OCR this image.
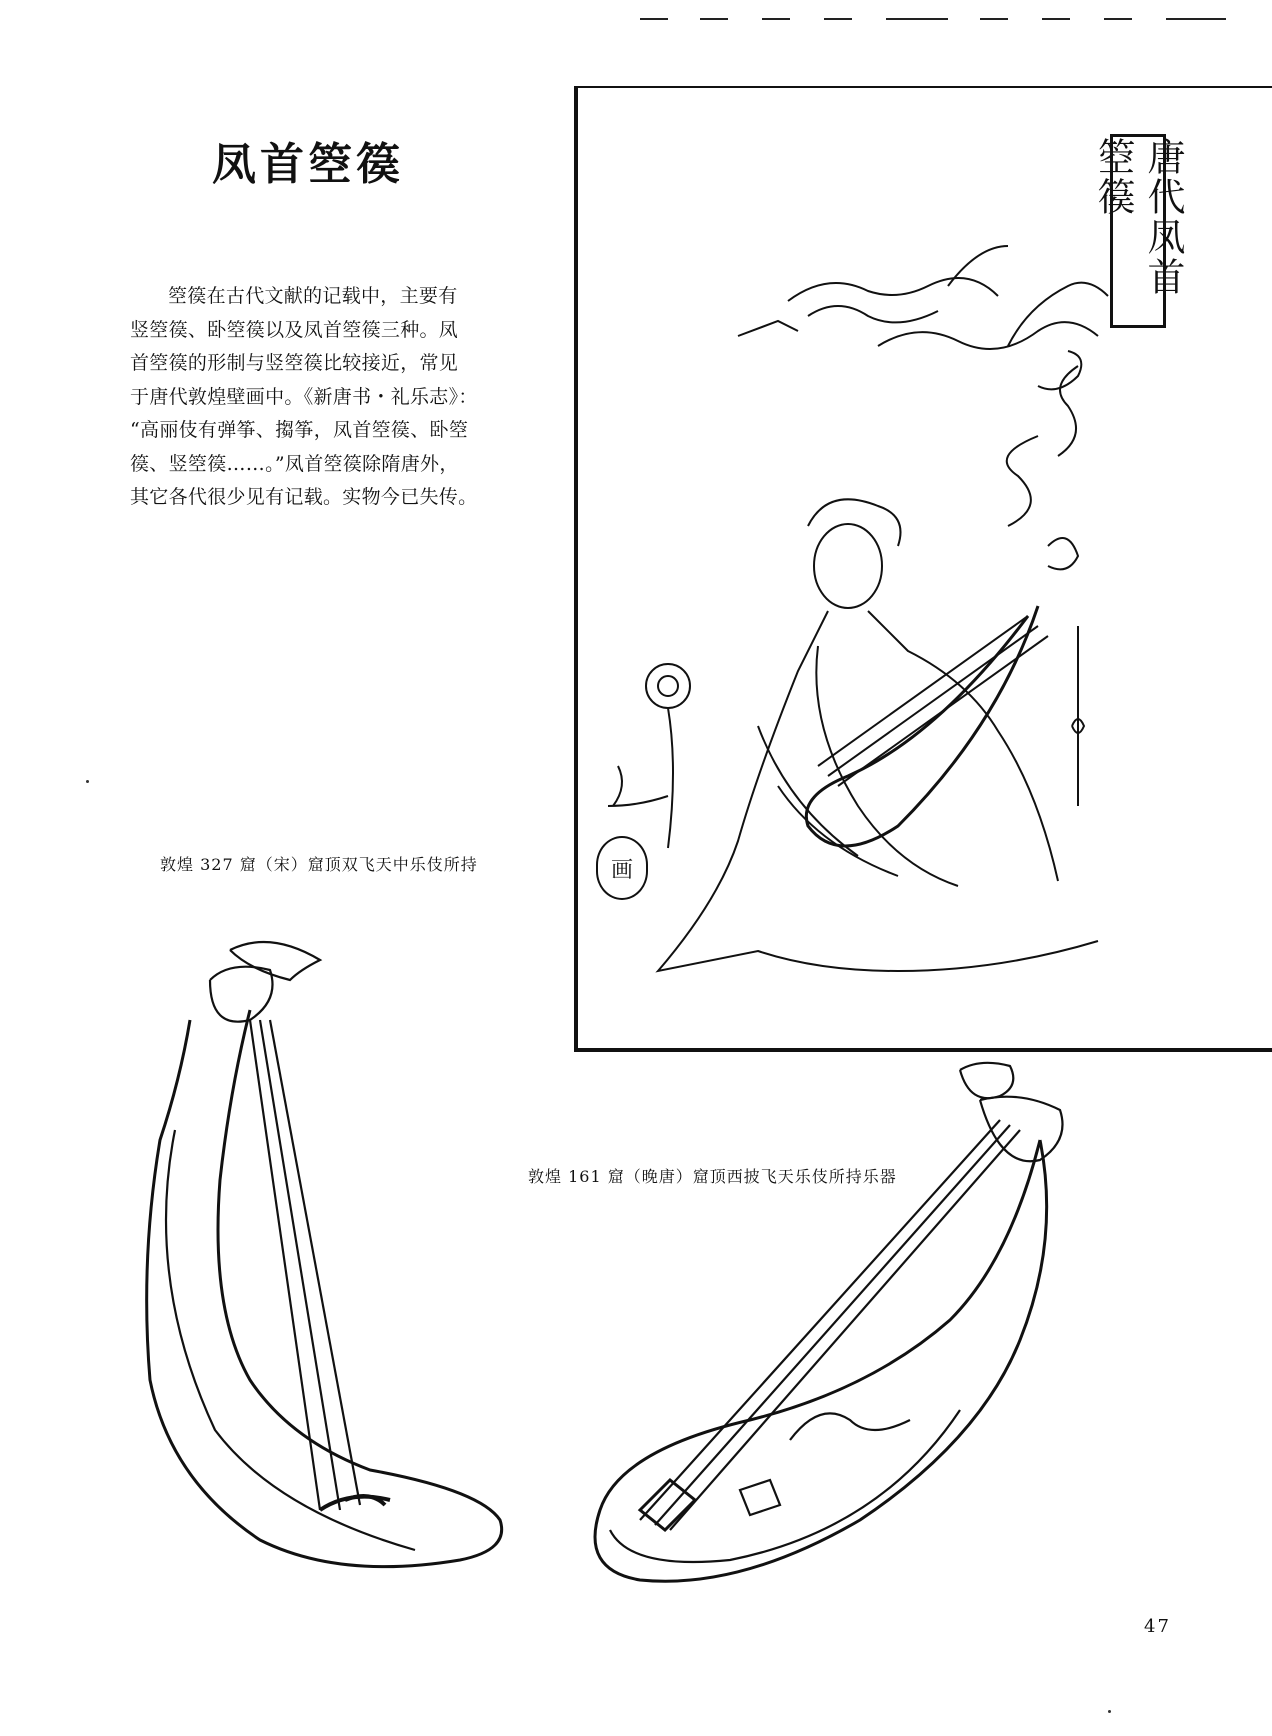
凤首箜篌
箜篌在古代文献的记载中，主要有
竖箜篌、卧箜篌以及凤首箜篌三种。凤
首箜篌的形制与竖箜篌比较接近，常见
于唐代敦煌壁画中。《新唐书・礼乐志》：
“高丽伎有弹筝、搊筝，凤首箜篌、卧箜
篌、竖箜篌……。”凤首箜篌除隋唐外，
其它各代很少见有记载。实物今已失传。
敦煌 327 窟（宋）窟顶双飞天中乐伎所持
唐代凤首箜篌
画
敦煌 161 窟（晚唐）窟顶西披飞天乐伎所持乐器
47
